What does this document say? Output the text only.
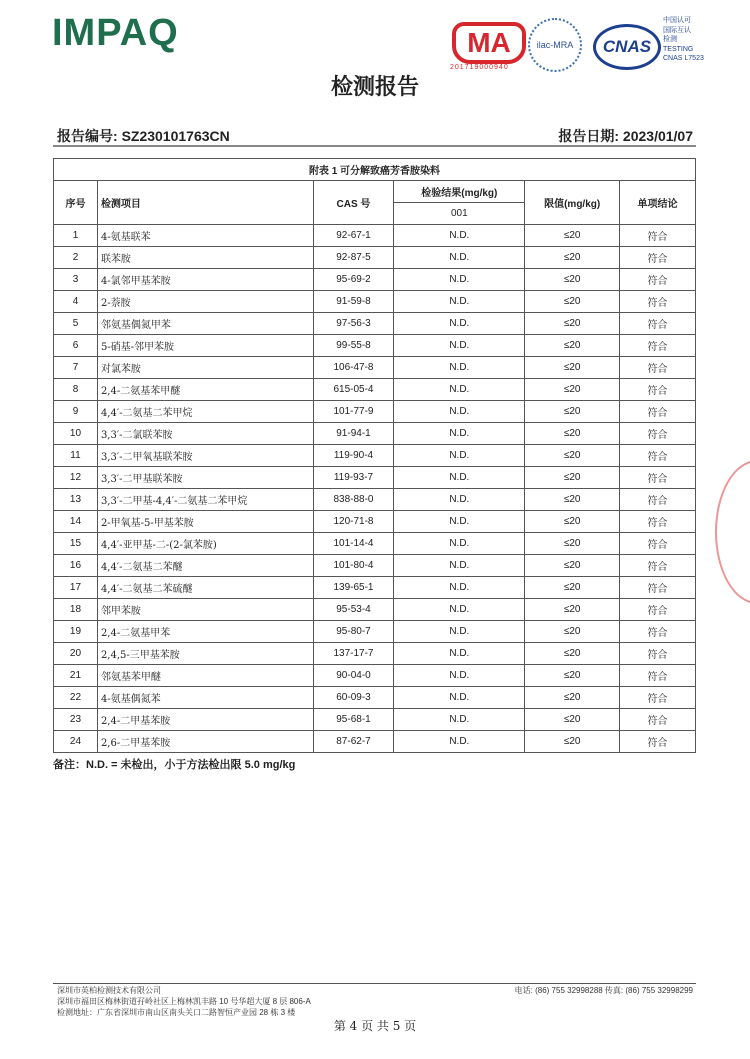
IMPAQ	MA
201719000940
ilac-MRA	CNAS
中国认可
国际互认
检测
TESTING
CNAS L7523
检测报告
报告编号: SZ230101763CN	报告日期: 2023/01/07
附表 1 可分解致癌芳香胺染料					
序号	检测项目	CAS 号	检验结果(mg/kg)	限值(mg/kg)	单项结论
			001		
1	4-氨基联苯	92-67-1	N.D.	≤20	符合
2	联苯胺	92-87-5	N.D.	≤20	符合
3	4-氯邻甲基苯胺	95-69-2	N.D.	≤20	符合
4	2-萘胺	91-59-8	N.D.	≤20	符合
5	邻氨基偶氮甲苯	97-56-3	N.D.	≤20	符合
6	5-硝基-邻甲苯胺	99-55-8	N.D.	≤20	符合
7	对氯苯胺	106-47-8	N.D.	≤20	符合
8	2,4-二氨基苯甲醚	615-05-4	N.D.	≤20	符合
9	4,4′-二氨基二苯甲烷	101-77-9	N.D.	≤20	符合
10	3,3′-二氯联苯胺	91-94-1	N.D.	≤20	符合
11	3,3′-二甲氧基联苯胺	119-90-4	N.D.	≤20	符合
12	3,3′-二甲基联苯胺	119-93-7	N.D.	≤20	符合
13	3,3′-二甲基-4,4′-二氨基二苯甲烷	838-88-0	N.D.	≤20	符合
14	2-甲氧基-5-甲基苯胺	120-71-8	N.D.	≤20	符合
15	4,4′-亚甲基-二-(2-氯苯胺)	101-14-4	N.D.	≤20	符合
16	4,4′-二氨基二苯醚	101-80-4	N.D.	≤20	符合
17	4,4′-二氨基二苯硫醚	139-65-1	N.D.	≤20	符合
18	邻甲苯胺	95-53-4	N.D.	≤20	符合
19	2,4-二氨基甲苯	95-80-7	N.D.	≤20	符合
20	2,4,5-三甲基苯胺	137-17-7	N.D.	≤20	符合
21	邻氨基苯甲醚	90-04-0	N.D.	≤20	符合
22	4-氨基偶氮苯	60-09-3	N.D.	≤20	符合
23	2,4-二甲基苯胺	95-68-1	N.D.	≤20	符合
24	2,6-二甲基苯胺	87-62-7	N.D.	≤20	符合
备注：N.D. = 未检出，小于方法检出限 5.0 mg/kg
深圳市英柏检测技术有限公司
深圳市福田区梅林街道孖岭社区上梅林凯丰路 10 号华超大厦 8 层 806-A
检测地址：广东省深圳市南山区南头关口二路智恒产业园 28 栋 3 楼
电话: (86) 755 32998288 传真: (86) 755 32998299
第 4 页 共 5 页
